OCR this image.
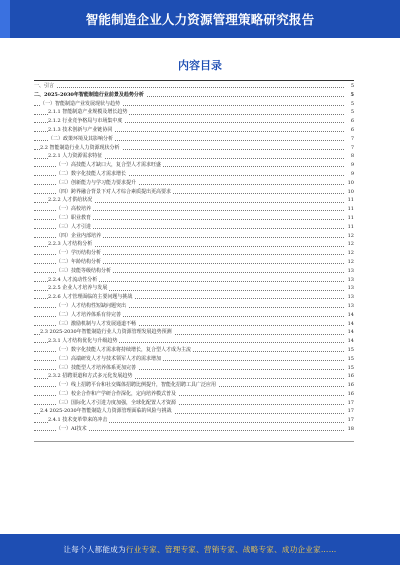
智能制造企业人力资源管理策略研究报告
内容目录
一、引言	5
二、2025-2030年智能制造行业前景及趋势分析	5
（一）智能制造产业发展现状与趋势	5
2.1.1 智能制造产业规模及增长趋势	5
2.1.2 行业竞争格局与市场集中度	6
2.1.3 技术创新与产业链协同	6
（二）政策环境及其影响分析	7
2.2 智能制造行业人力资源现状分析	7
2.2.1 人力资源需求特征	8
（一）高技能人才缺口大，复合型人才需求旺盛	9
（二）数字化技能人才需求增长	9
（三）创新能力与学习能力要求提升	10
（四）跨界融合背景下对人才综合素质提出更高要求	10
2.2.2 人才供给状况	11
（一）高校培养	11
（二）职业教育	11
（三）人才引进	11
（四）企业内部培养	12
2.2.3 人才结构分析	12
（一）学历结构分析	12
（二）年龄结构分析	12
（三）技能等级结构分析	13
2.2.4 人才流动性分析	13
2.2.5 企业人才培养与发展	13
2.2.6 人才管理面临的主要问题与挑战	13
（一）人才结构性短缺问题突出	13
（二）人才培养体系有待完善	14
（三）激励机制与人才发展通道不畅	14
2.3 2025-2030年智能制造行业人力资源管理发展趋势预测	14
2.3.1 人才结构优化与升级趋势	14
（一）数字化技能人才需求将持续增长，复合型人才成为主流	15
（二）高端研发人才与技术领军人才的需求增加	15
（三）技能型人才培养体系更加完善	15
2.3.2 招聘渠道和方式多元化发展趋势	16
（一）线上招聘平台和社交媒体招聘比例提升，智能化招聘工具广泛应用	16
（二）校企合作和产学研合作深化，定向培养模式普及	16
（三）国际化人才引进力度加强，全球化配置人才资源	17
2.4 2025-2030年智能制造人力资源管理面临的风险与挑战	17
2.4.1 技术变革带来的冲击	17
（一）AI技术	18
让每个人都能成为行业专家、管理专家、营销专家、战略专家、成功企业家……
